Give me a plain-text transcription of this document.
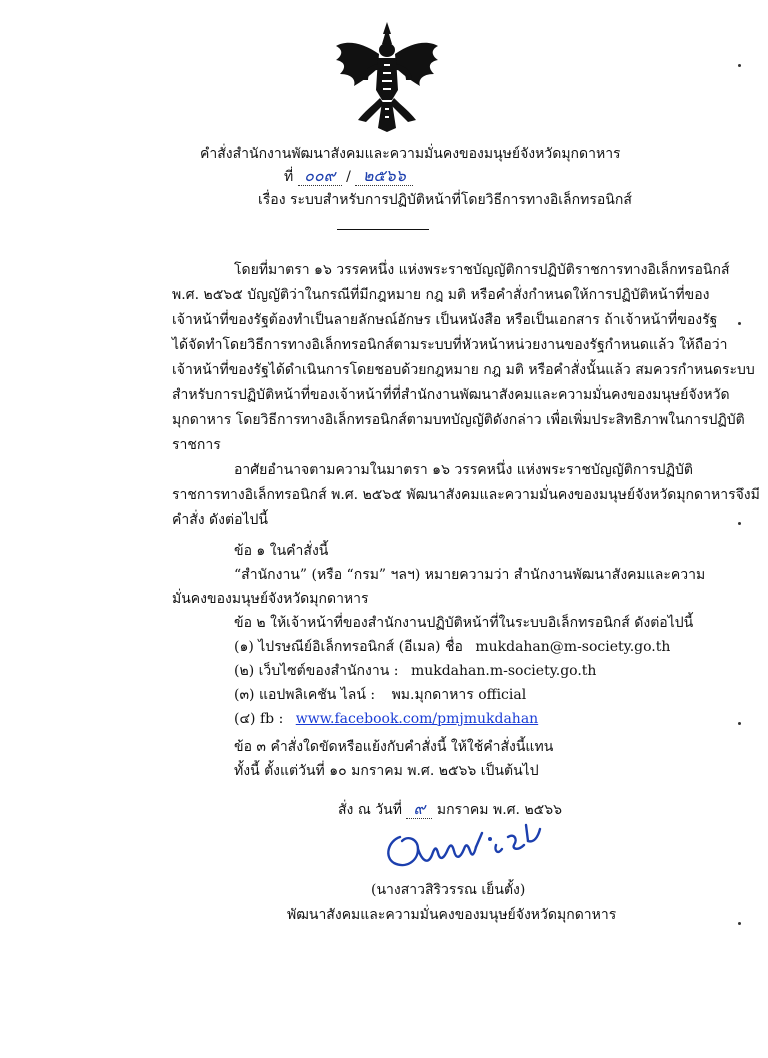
คำสั่งสำนักงานพัฒนาสังคมและความมั่นคงของมนุษย์จังหวัดมุกดาหาร
ที่ ๐๐๙ / ๒๕๖๖
เรื่อง ระบบสำหรับการปฏิบัติหน้าที่โดยวิธีการทางอิเล็กทรอนิกส์
โดยที่มาตรา ๑๖ วรรคหนึ่ง แห่งพระราชบัญญัติการปฏิบัติราชการทางอิเล็กทรอนิกส์
พ.ศ. ๒๕๖๕ บัญญัติว่าในกรณีที่มีกฎหมาย กฎ มติ หรือคำสั่งกำหนดให้การปฏิบัติหน้าที่ของ
เจ้าหน้าที่ของรัฐต้องทำเป็นลายลักษณ์อักษร เป็นหนังสือ หรือเป็นเอกสาร ถ้าเจ้าหน้าที่ของรัฐ
ได้จัดทำโดยวิธีการทางอิเล็กทรอนิกส์ตามระบบที่หัวหน้าหน่วยงานของรัฐกำหนดแล้ว ให้ถือว่า
เจ้าหน้าที่ของรัฐได้ดำเนินการโดยชอบด้วยกฎหมาย กฎ มติ หรือคำสั่งนั้นแล้ว สมควรกำหนดระบบ
สำหรับการปฏิบัติหน้าที่ของเจ้าหน้าที่ที่สำนักงานพัฒนาสังคมและความมั่นคงของมนุษย์จังหวัด
มุกดาหาร โดยวิธีการทางอิเล็กทรอนิกส์ตามบทบัญญัติดังกล่าว เพื่อเพิ่มประสิทธิภาพในการปฏิบัติ
ราชการ
อาศัยอำนาจตามความในมาตรา ๑๖ วรรคหนึ่ง แห่งพระราชบัญญัติการปฏิบัติ
ราชการทางอิเล็กทรอนิกส์ พ.ศ. ๒๕๖๕ พัฒนาสังคมและความมั่นคงของมนุษย์จังหวัดมุกดาหารจึงมี
คำสั่ง ดังต่อไปนี้
ข้อ ๑ ในคำสั่งนี้
“สำนักงาน” (หรือ “กรม” ฯลฯ) หมายความว่า สำนักงานพัฒนาสังคมและความ
มั่นคงของมนุษย์จังหวัดมุกดาหาร
ข้อ ๒ ให้เจ้าหน้าที่ของสำนักงานปฏิบัติหน้าที่ในระบบอิเล็กทรอนิกส์ ดังต่อไปนี้
(๑) ไปรษณีย์อิเล็กทรอนิกส์ (อีเมล) ชื่อ mukdahan@m-society.go.th
(๒) เว็บไซต์ของสำนักงาน : mukdahan.m-society.go.th
(๓) แอปพลิเคชัน ไลน์ : พม.มุกดาหาร official
(๔) fb : www.facebook.com/pmjmukdahan
ข้อ ๓ คำสั่งใดขัดหรือแย้งกับคำสั่งนี้ ให้ใช้คำสั่งนี้แทน
ทั้งนี้ ตั้งแต่วันที่ ๑๐ มกราคม พ.ศ. ๒๕๖๖ เป็นต้นไป
สั่ง ณ วันที่ ๙ มกราคม พ.ศ. ๒๕๖๖
(นางสาวสิริวรรณ เย็นตั้ง)
พัฒนาสังคมและความมั่นคงของมนุษย์จังหวัดมุกดาหาร
